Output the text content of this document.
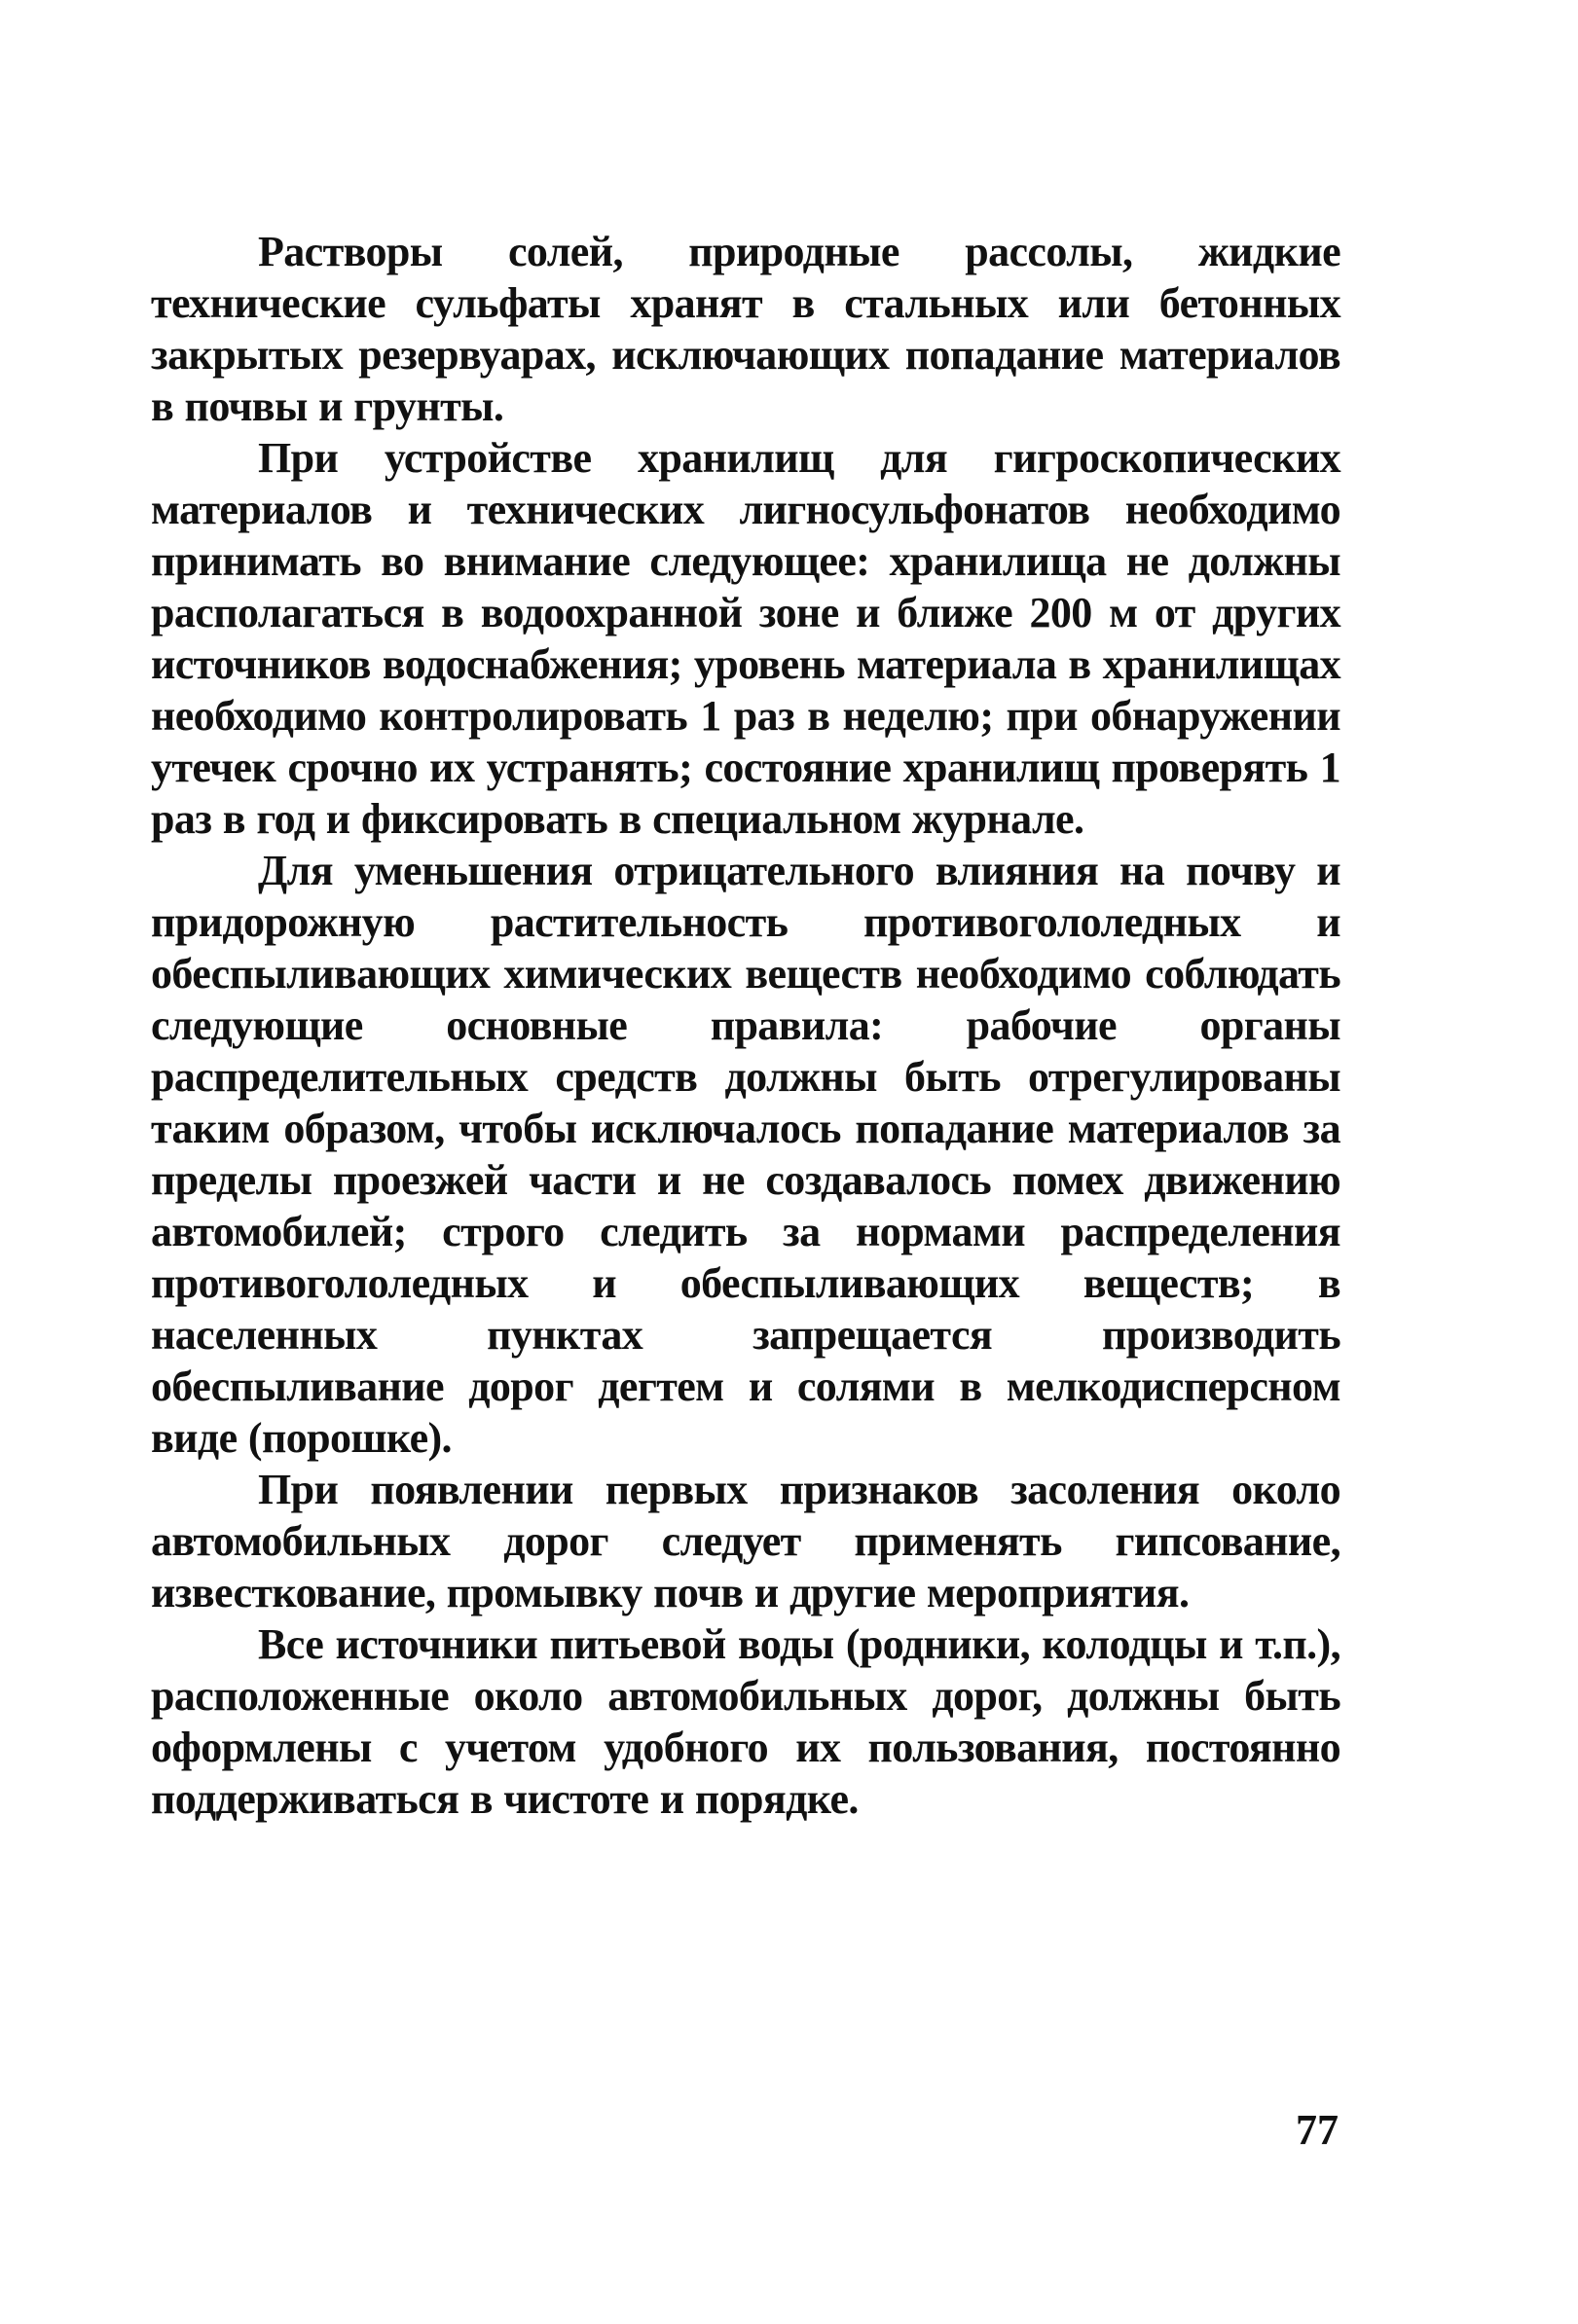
Растворы солей, природные рассолы, жидкие технические сульфаты хранят в стальных или бетонных закрытых резервуарах, исключающих попадание материалов в почвы и грунты.

При устройстве хранилищ для гигроскопических материалов и технических лигносульфонатов необходимо принимать во внимание следующее: хранилища не должны располагаться в водоохранной зоне и ближе 200 м от других источников водоснабжения; уровень материала в хранилищах необходимо контролировать 1 раз в неделю; при обнаружении утечек срочно их устранять; состояние хранилищ проверять 1 раз в год и фиксировать в специальном журнале.

Для уменьшения отрицательного влияния на почву и придорожную растительность противогололедных и обеспыливающих химических веществ необходимо соблюдать следующие основные правила: рабочие органы распределительных средств должны быть отрегулированы таким образом, чтобы исключалось попадание материалов за пределы проезжей части и не создавалось помех движению автомобилей; строго следить за нормами распределения противогололедных и обеспыливающих веществ; в населенных пунктах запрещается производить обеспыливание дорог дегтем и солями в мелкодисперсном виде (порошке).

При появлении первых признаков засоления около автомобильных дорог следует применять гипсование, известкование, промывку почв и другие мероприятия.

Все источники питьевой воды (родники, колодцы и т.п.), расположенные около автомобильных дорог, должны быть оформлены с учетом удобного их пользования, постоянно поддерживаться в чистоте и порядке.

77
